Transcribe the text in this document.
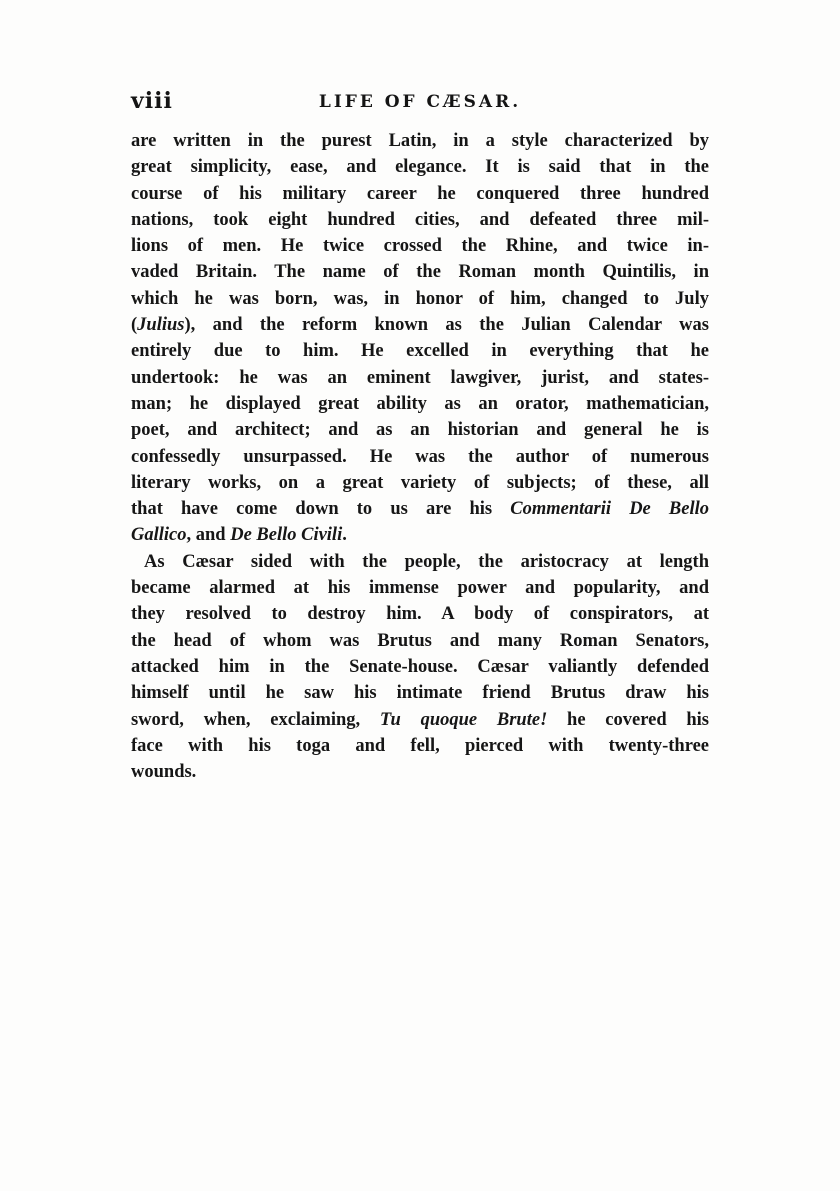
viii	LIFE OF CÆSAR.
are written in the purest Latin, in a style characterized by
great simplicity, ease, and elegance. It is said that in the
course of his military career he conquered three hundred
nations, took eight hundred cities, and defeated three mil-
lions of men. He twice crossed the Rhine, and twice in-
vaded Britain. The name of the Roman month Quintilis, in
which he was born, was, in honor of him, changed to July
(Julius), and the reform known as the Julian Calendar was
entirely due to him. He excelled in everything that he
undertook: he was an eminent lawgiver, jurist, and states-
man; he displayed great ability as an orator, mathematician,
poet, and architect; and as an historian and general he is
confessedly unsurpassed. He was the author of numerous
literary works, on a great variety of subjects; of these, all
that have come down to us are his Commentarii De Bello
Gallico, and De Bello Civili.
As Cæsar sided with the people, the aristocracy at length
became alarmed at his immense power and popularity, and
they resolved to destroy him. A body of conspirators, at
the head of whom was Brutus and many Roman Senators,
attacked him in the Senate-house. Cæsar valiantly defended
himself until he saw his intimate friend Brutus draw his
sword, when, exclaiming, Tu quoque Brute! he covered his
face with his toga and fell, pierced with twenty-three
wounds.
